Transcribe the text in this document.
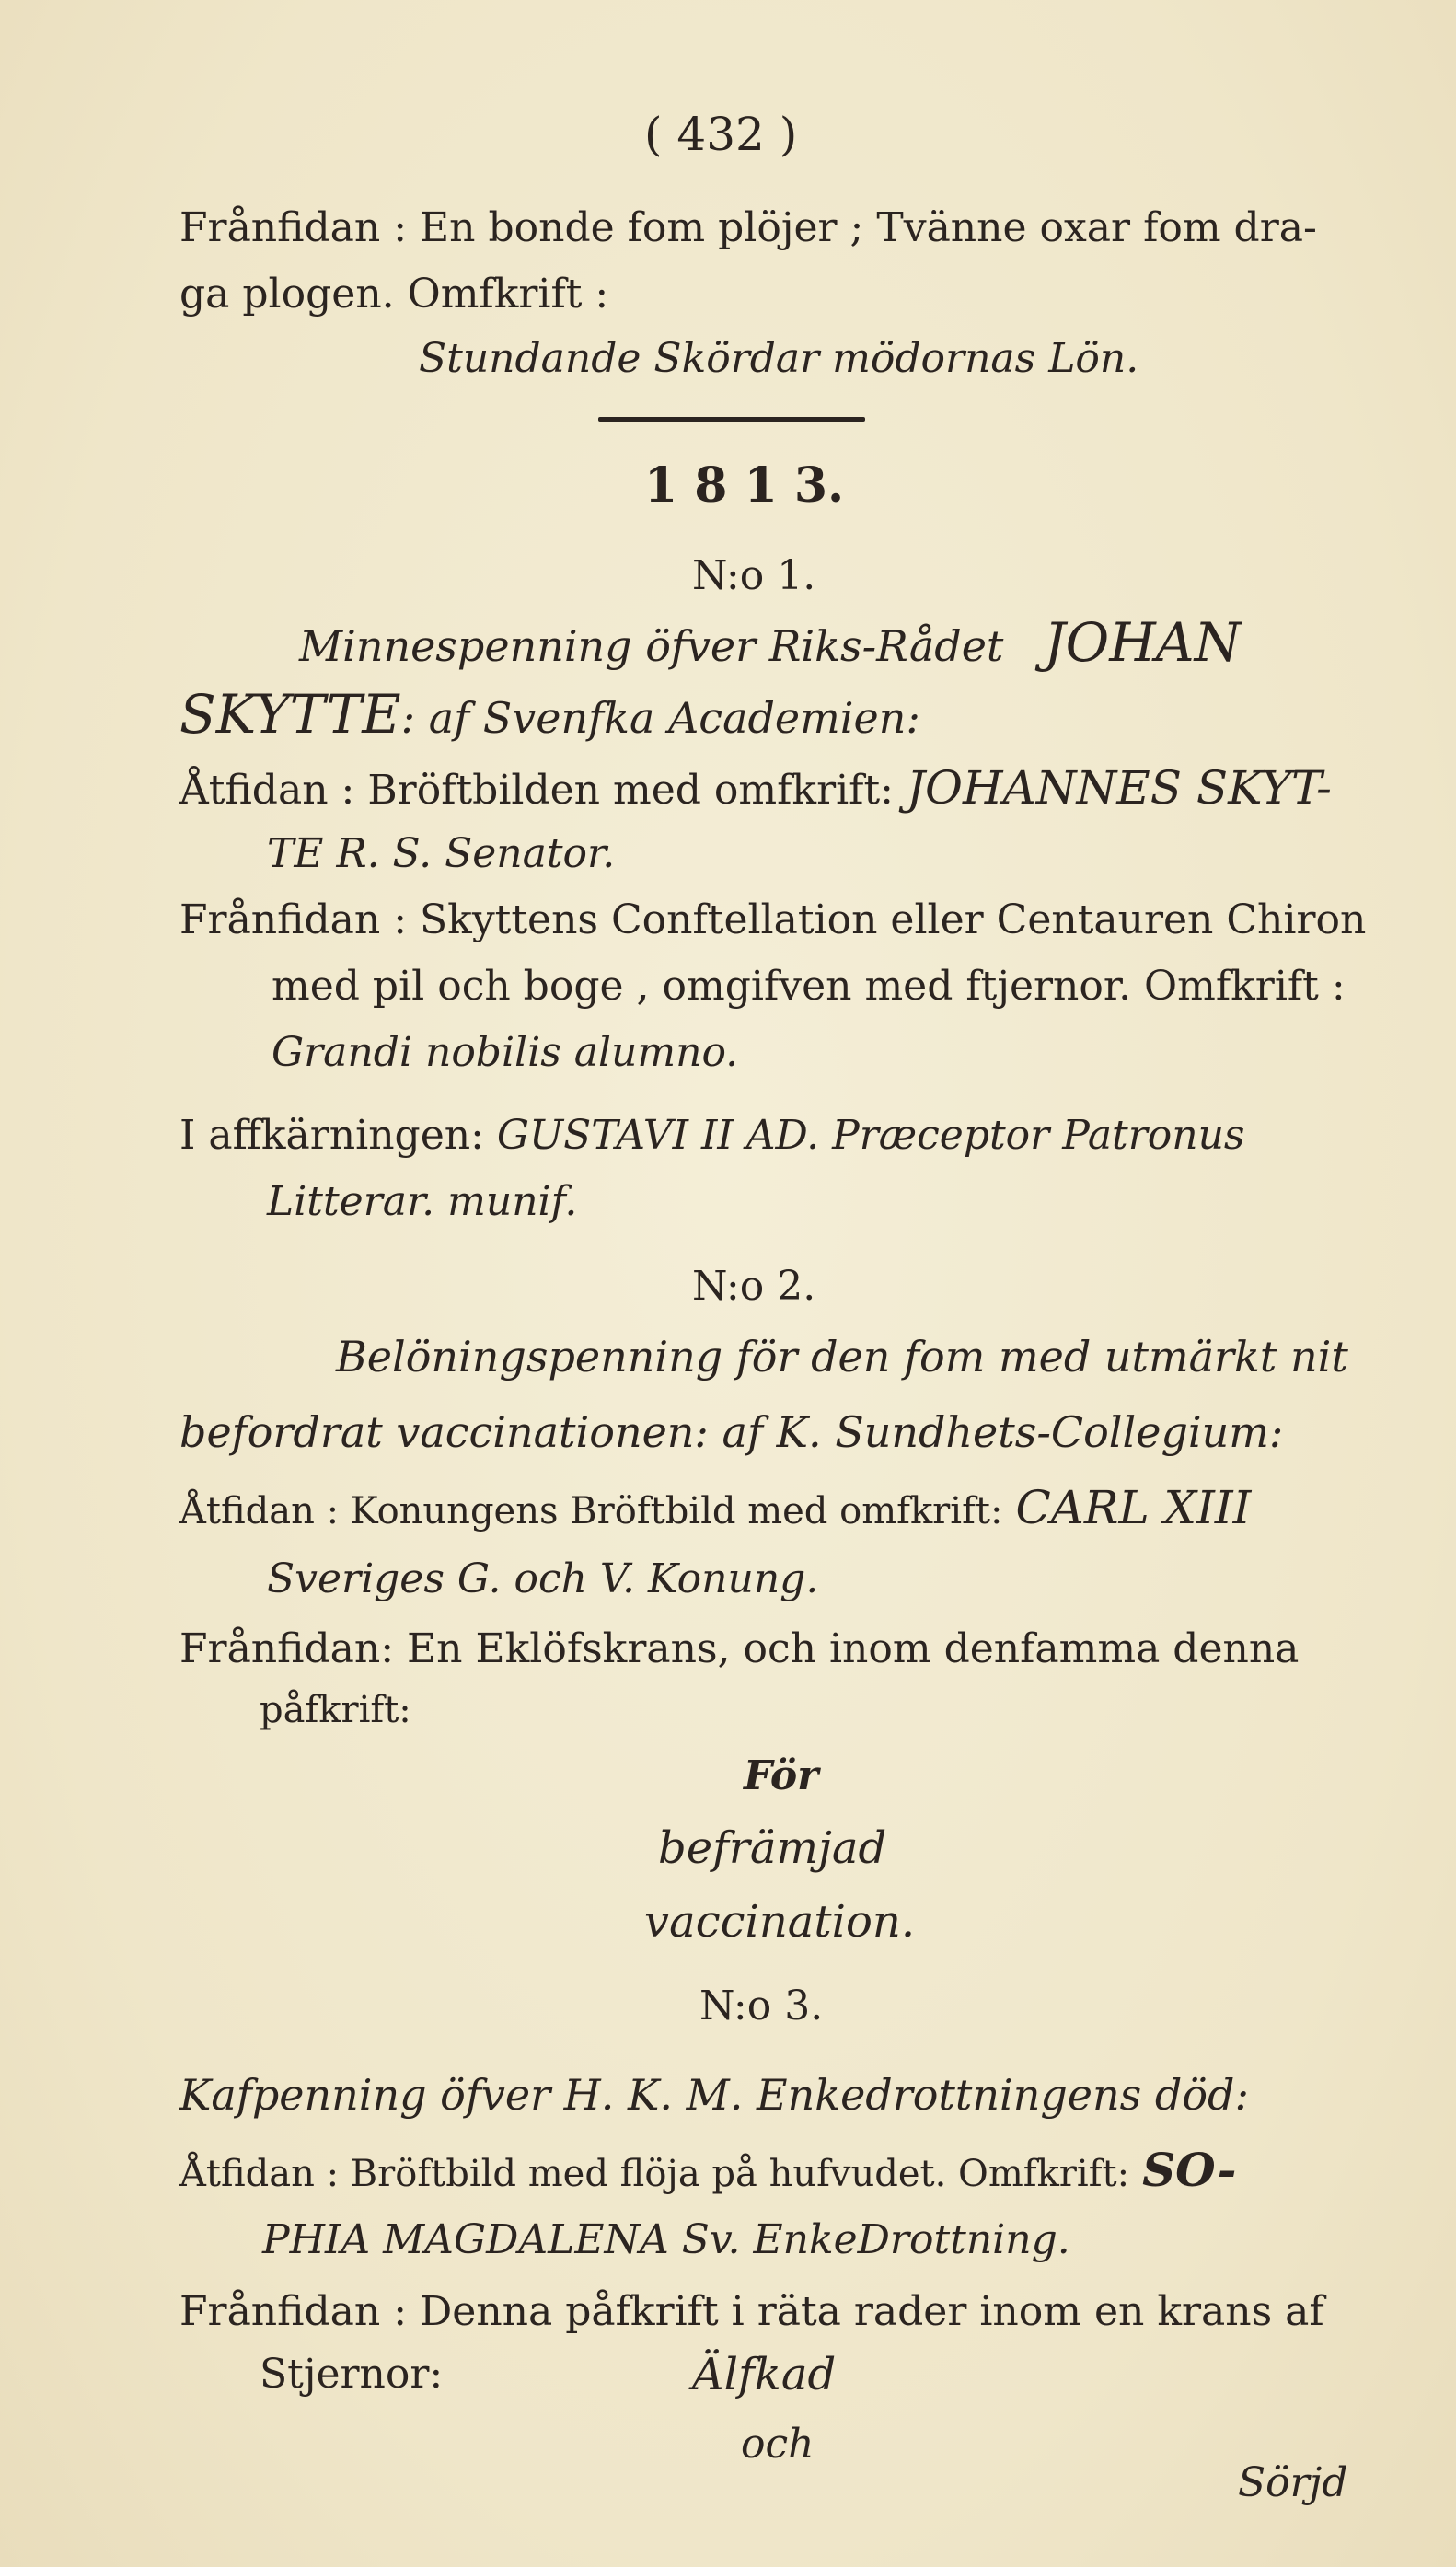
( 432 )
Frånfidan : En bonde fom plöjer ; Tvänne oxar fom dra-
ga plogen. Omfkrift :
Stundande Skördar mödornas Lön.
1 8 1 3.
N:o 1.
Minnespenning öfver Riks-Rådet JOHAN
SKYTTE: af Svenfka Academien:
Åtfidan : Bröftbilden med omfkrift: JOHANNES SKYT-
TE R. S. Senator.
Frånfidan : Skyttens Conftellation eller Centauren Chiron
med pil och boge , omgifven med ftjernor. Omfkrift :
Grandi nobilis alumno.
I affkärningen: GUSTAVI II AD. Præceptor Patronus
Litterar. munif.
N:o 2.
Belöningspenning för den fom med utmärkt nit
befordrat vaccinationen: af K. Sundhets-Collegium:
Åtfidan : Konungens Bröftbild med omfkrift: CARL XIII
Sveriges G. och V. Konung.
Frånfidan: En Eklöfskrans, och inom denfamma denna
påfkrift:
För
befrämjad
vaccination.
N:o 3.
Kafpenning öfver H. K. M. Enkedrottningens död:
Åtfidan : Bröftbild med flöja på hufvudet. Omfkrift: SO-
PHIA MAGDALENA Sv. EnkeDrottning.
Frånfidan : Denna påfkrift i räta rader inom en krans af
Stjernor:	Älfkad
och
Sörjd
